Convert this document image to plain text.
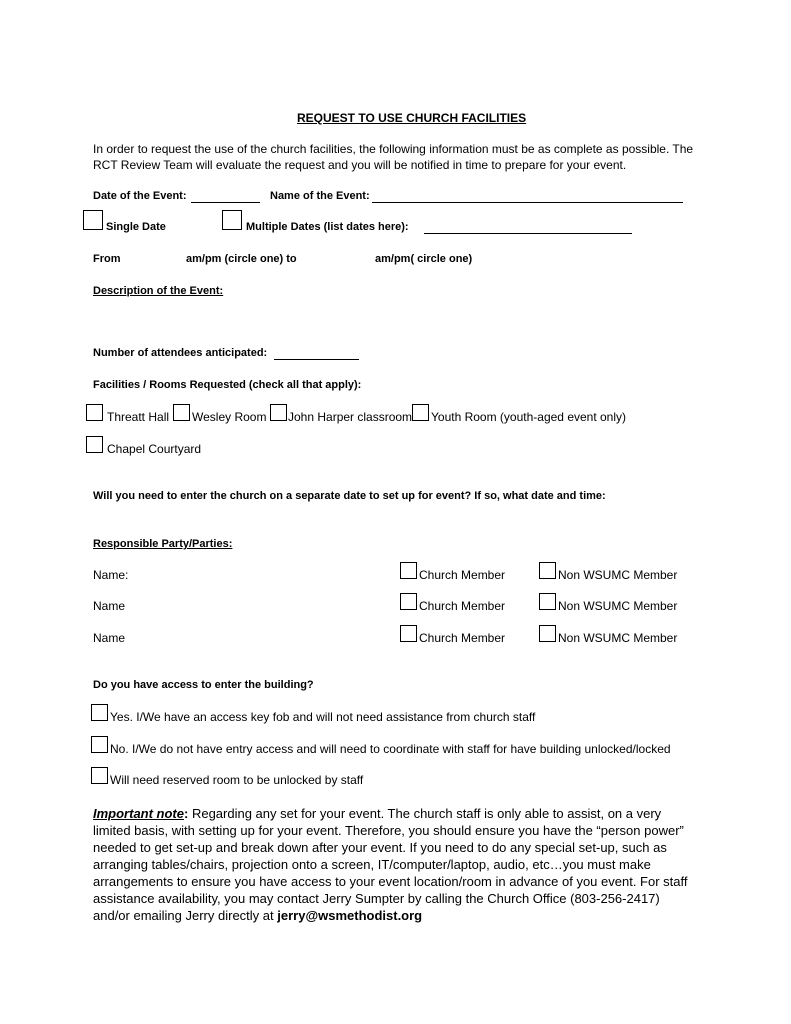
REQUEST TO USE CHURCH FACILITIES
In order to request the use of the church facilities, the following information must be as complete as possible. The
RCT Review Team will evaluate the request and you will be notified in time to prepare for your event.
Date of the Event:	Name of the Event:
Single Date	Multiple Dates (list dates here):
From	am/pm (circle one) to	am/pm( circle one)
Description of the Event:
Number of attendees anticipated:
Facilities / Rooms Requested (check all that apply):
Threatt Hall Wesley Room John Harper classroom Youth Room (youth-aged event only)
Chapel Courtyard
Will you need to enter the church on a separate date to set up for event? If so, what date and time:
Responsible Party/Parties:
Name:	Church Member	Non WSUMC Member
Name	Church Member	Non WSUMC Member
Name	Church Member	Non WSUMC Member
Do you have access to enter the building?
Yes. I/We have an access key fob and will not need assistance from church staff
No. I/We do not have entry access and will need to coordinate with staff for have building unlocked/locked
Will need reserved room to be unlocked by staff
Important note: Regarding any set for your event. The church staff is only able to assist, on a very limited basis, with setting up for your event. Therefore, you should ensure you have the “person power” needed to get set-up and break down after your event. If you need to do any special set-up, such as arranging tables/chairs, projection onto a screen, IT/computer/laptop, audio, etc…you must make arrangements to ensure you have access to your event location/room in advance of you event. For staff assistance availability, you may contact Jerry Sumpter by calling the Church Office (803-256-2417) and/or emailing Jerry directly at jerry@wsmethodist.org
